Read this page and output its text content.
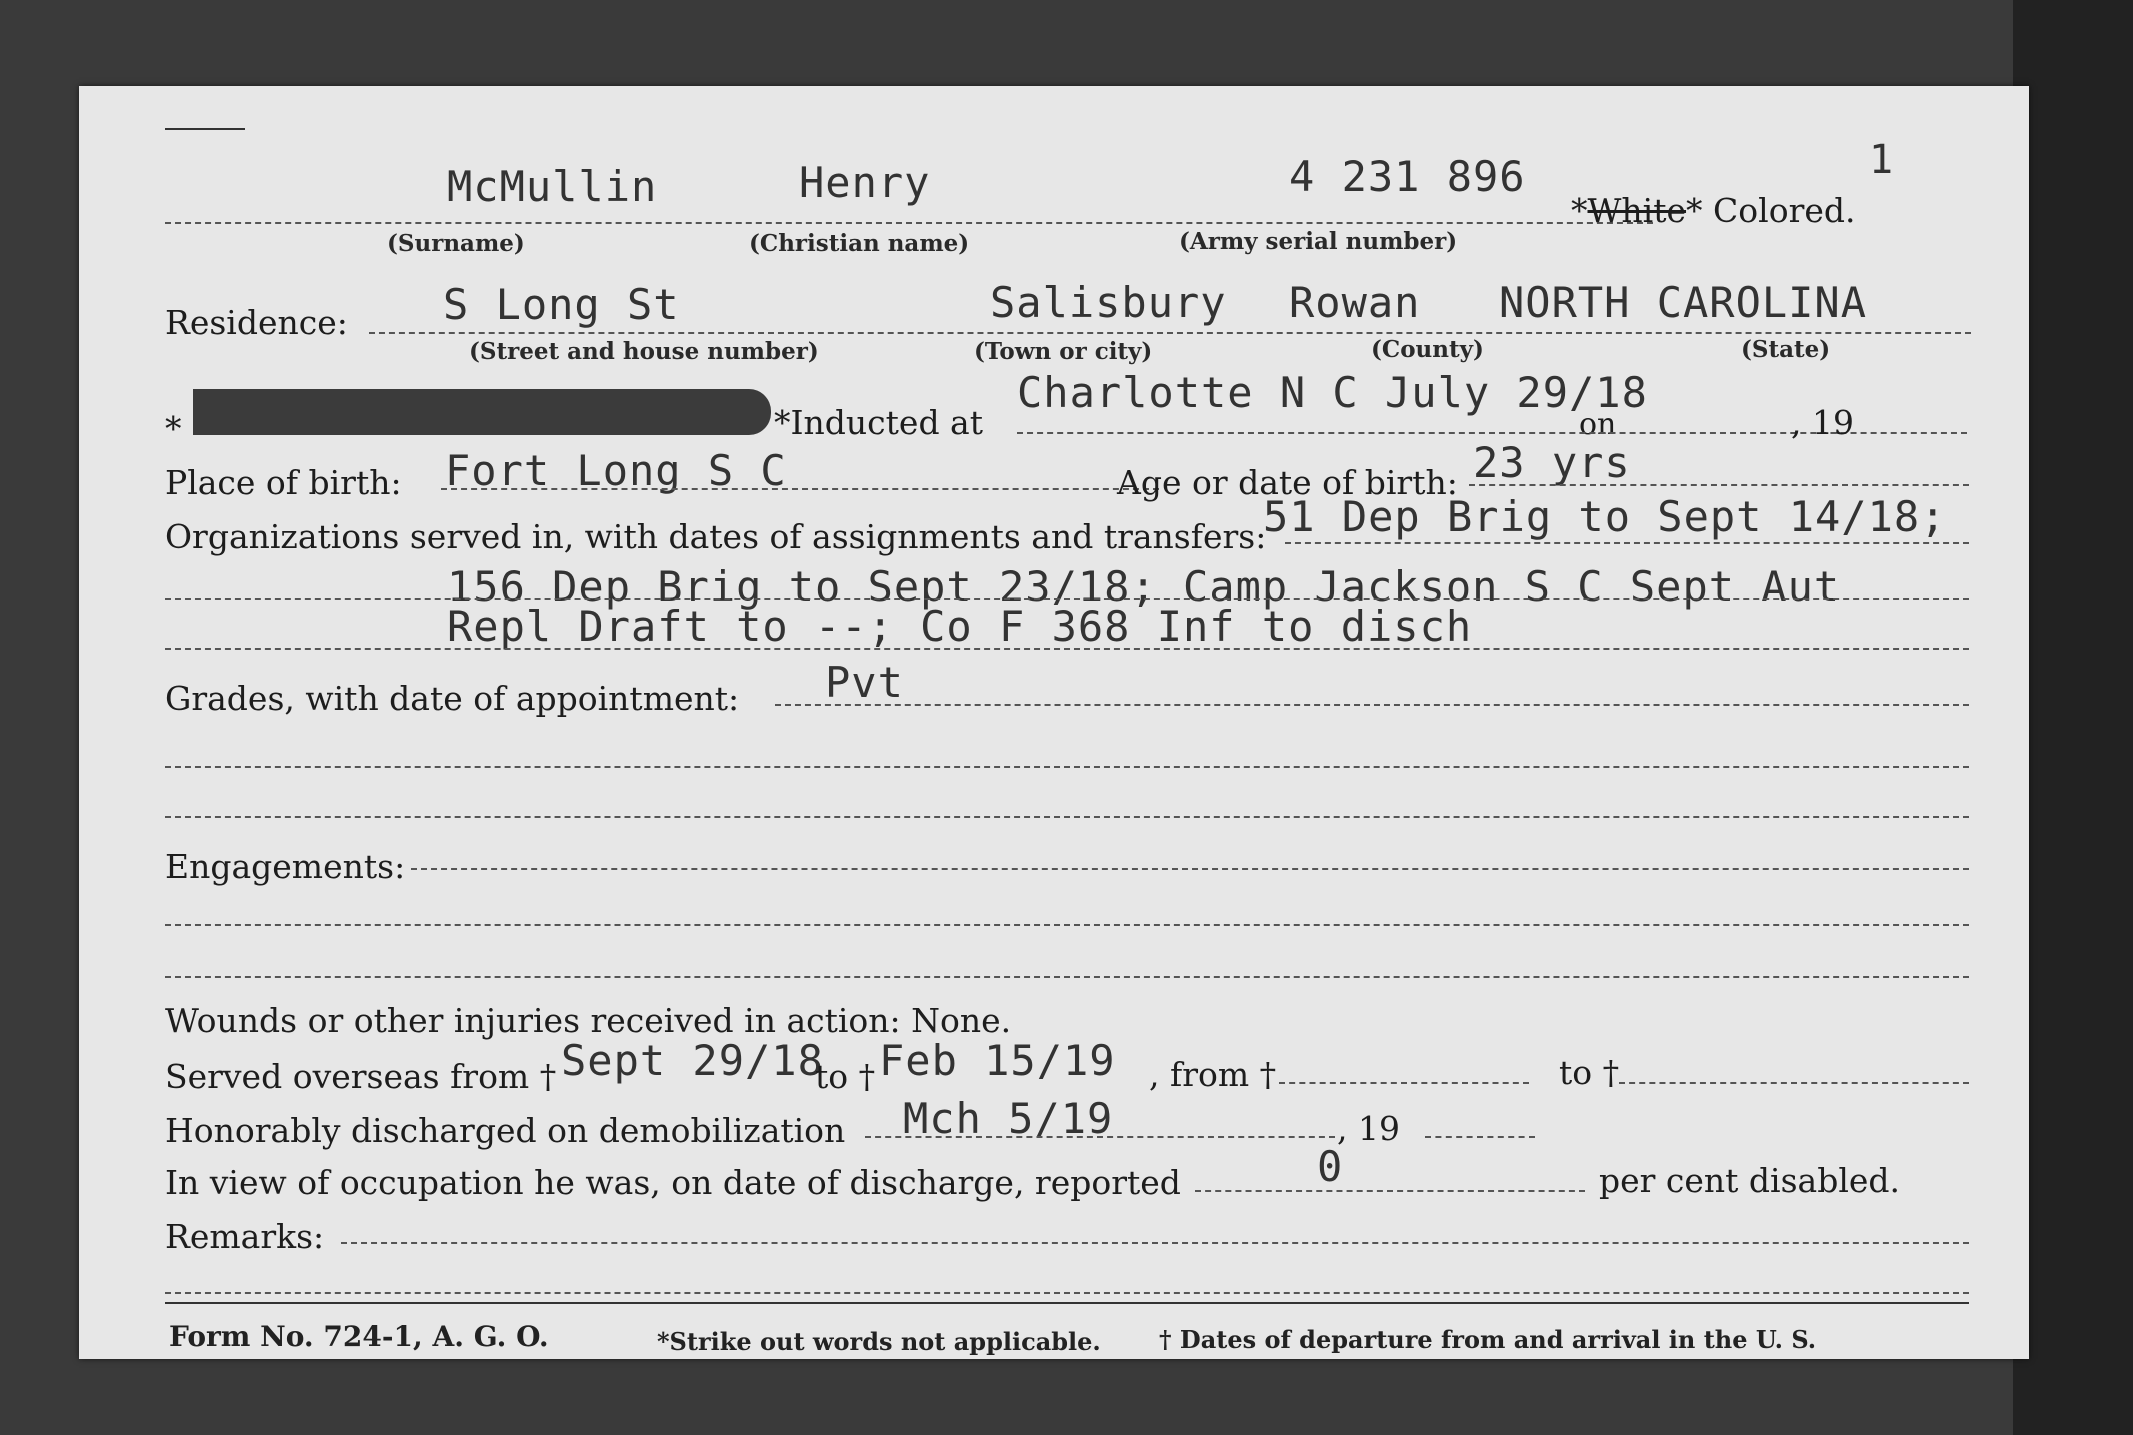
1
McMullin	Henry	4 231 896
*White* Colored.
(Surname)	(Christian name)	(Army serial number)
Residence: S Long St	Salisbury Rowan NORTH CAROLINA
(Street and house number)	(Town or city)	(County)	(State)
*	*Inducted at
Charlotte N C July 29/18
on	, 19
Place of birth: Fort Long S C	Age or date of birth: 23 yrs
Organizations served in, with dates of assignments and transfers:
51 Dep Brig to Sept 14/18;
156 Dep Brig to Sept 23/18; Camp Jackson S C Sept Aut
Repl Draft to --; Co F 368 Inf to disch
Grades, with date of appointment: Pvt
Engagements:
Wounds or other injuries received in action: None.
Served overseas from † Sept 29/18
to † Feb 15/19 , from †	to †
Honorably discharged on demobilization Mch 5/19	, 19
In view of occupation he was, on date of discharge, reported	0	per cent disabled.
Remarks:
Form No. 724-1, A. G. O.	*Strike out words not applicable. † Dates of departure from and arrival in the U. S.
